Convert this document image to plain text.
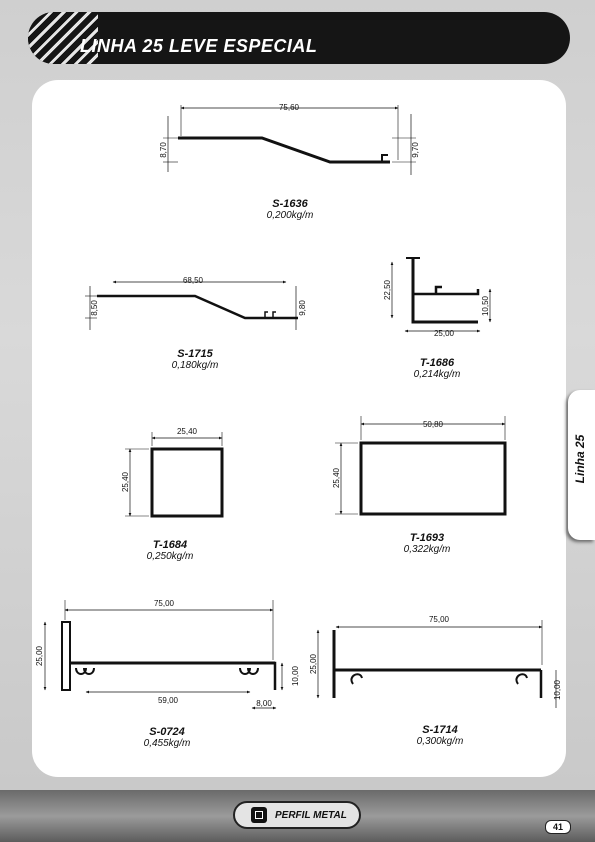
LINHA 25 LEVE ESPECIAL
Linha 25
75,60
8,70	9,70
68,50
8,50	9,80
22,50
25,00
10,50
25,40
25,40
50,80
25,40
75,00
25,00
10,00
59,00	8,00
75,00
25,00
10,00
S-1636
0,200kg/m
S-1715
0,180kg/m	T-1686
0,214kg/m
T-1684
0,250kg/m
T-1693
0,322kg/m
S-0724
0,455kg/m
S-1714
0,300kg/m
PERFIL METAL
41
